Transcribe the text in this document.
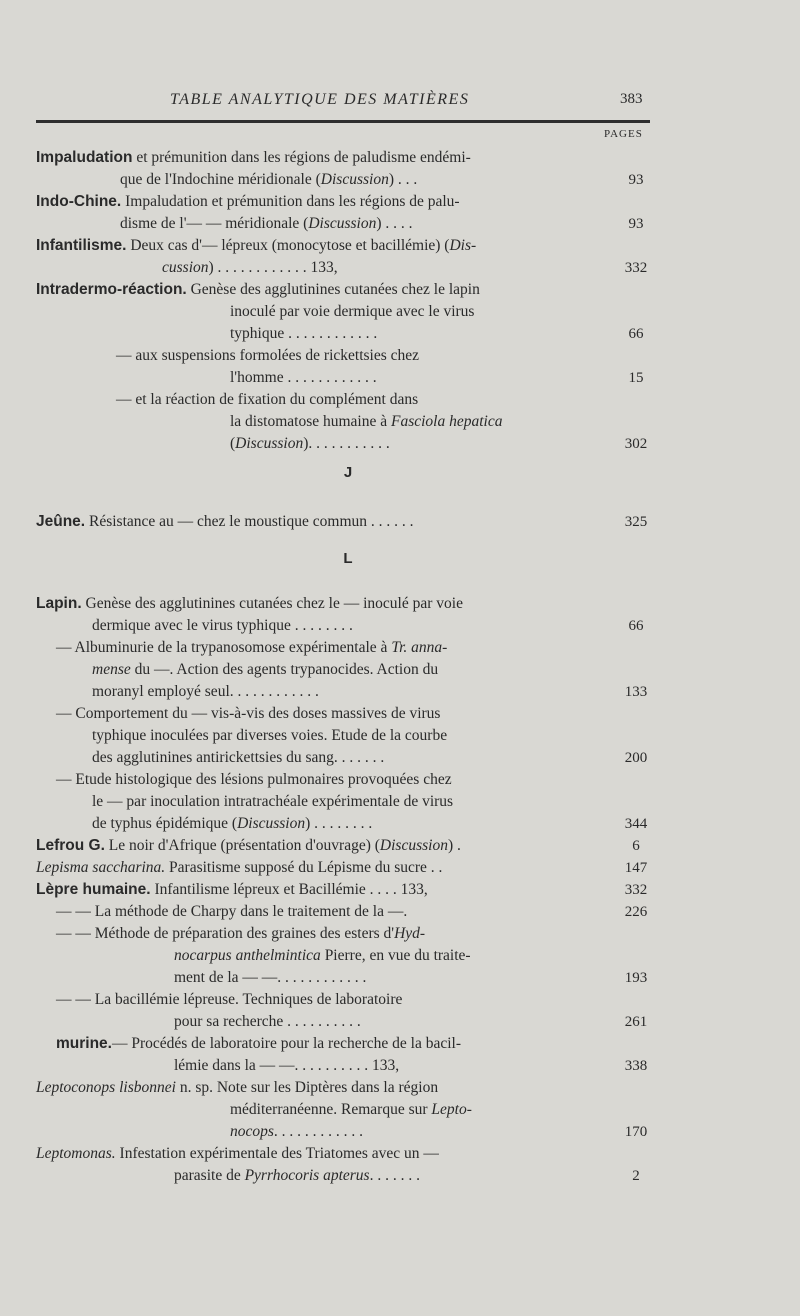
TABLE ANALYTIQUE DES MATIÈRES	383
PAGES
Impaludation et prémunition dans les régions de paludisme endémi-
que de l'Indochine méridionale (Discussion) . . .
Indo-Chine. Impaludation et prémunition dans les régions de palu-
disme de l'— — méridionale (Discussion) . . . .
Infantilisme. Deux cas d'— lépreux (monocytose et bacillémie) (Dis-
cussion) . . . . . . . . . . . . 133,
Intradermo-réaction. Genèse des agglutinines cutanées chez le lapin
inoculé par voie dermique avec le virus
typhique . . . . . . . . . . . .
— aux suspensions formolées de rickettsies chez
l'homme . . . . . . . . . . . .
— et la réaction de fixation du complément dans
la distomatose humaine à Fasciola hepatica
(Discussion). . . . . . . . . . .
Jeûne. Résistance au — chez le moustique commun . . . . . .
Lapin. Genèse des agglutinines cutanées chez le — inoculé par voie
dermique avec le virus typhique . . . . . . . .
— Albuminurie de la trypanosomose expérimentale à Tr. anna-
mense du —. Action des agents trypanocides. Action du
moranyl employé seul. . . . . . . . . . . .
— Comportement du — vis-à-vis des doses massives de virus
typhique inoculées par diverses voies. Etude de la courbe
des agglutinines antirickettsies du sang. . . . . . .
— Etude histologique des lésions pulmonaires provoquées chez
le — par inoculation intratrachéale expérimentale de virus
de typhus épidémique (Discussion) . . . . . . . .
Lefrou G. Le noir d'Afrique (présentation d'ouvrage) (Discussion) .
Lepisma saccharina. Parasitisme supposé du Lépisme du sucre . .
Lèpre humaine. Infantilisme lépreux et Bacillémie . . . . 133,
— — La méthode de Charpy dans le traitement de la —.
— — Méthode de préparation des graines des esters d'Hyd-
nocarpus anthelmintica Pierre, en vue du traite-
ment de la — —. . . . . . . . . . . .
— — La bacillémie lépreuse. Techniques de laboratoire
pour sa recherche . . . . . . . . . .
murine.— Procédés de laboratoire pour la recherche de la bacil-
lémie dans la — —. . . . . . . . . . 133,
Leptoconops lisbonnei n. sp. Note sur les Diptères dans la région
méditerranéenne. Remarque sur Lepto-
nocops. . . . . . . . . . . .
Leptomonas. Infestation expérimentale des Triatomes avec un —
parasite de Pyrrhocoris apterus. . . . . . .
93
93
332
66
15
302
325
66
133
200
344
6
147
332
226
193
261
338
170
2
J
L
